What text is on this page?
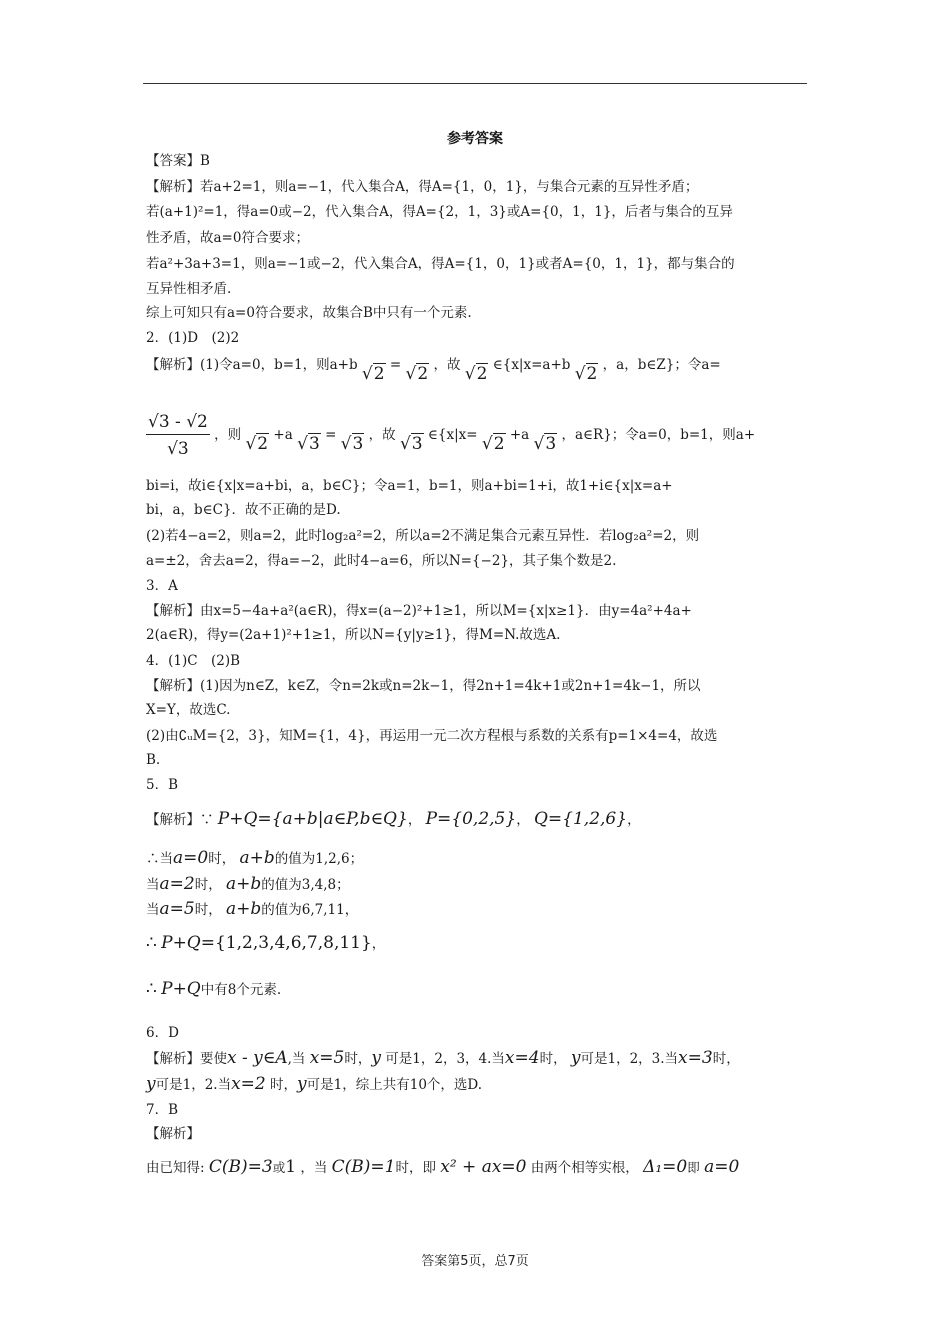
参考答案
【答案】B
【解析】若a+2=1，则a=−1，代入集合A，得A={1，0，1}，与集合元素的互异性矛盾；
若(a+1)²=1，得a=0或−2，代入集合A，得A={2，1，3}或A={0，1，1}，后者与集合的互异
性矛盾，故a=0符合要求；
若a²+3a+3=1，则a=−1或−2，代入集合A，得A={1，0，1}或者A={0，1，1}，都与集合的
互异性相矛盾.
综上可知只有a=0符合要求，故集合B中只有一个元素.
2．(1)D　(2)2
【解析】(1)令a=0，b=1，则a+b √2 = √2 ，故 √2 ∈{x|x=a+b √2 ，a，b∈Z}；令a=
$\frac{√3 - √2}{√3}$ ，则 √2 +a √3 = √3 ，故 √3 ∈{x|x= √2 +a √3 ，a∈R}；令a=0，b=1，则a+
bi=i，故i∈{x|x=a+bi，a，b∈C}；令a=1，b=1，则a+bi=1+i，故1+i∈{x|x=a+
bi，a，b∈C}．故不正确的是D.
(2)若4−a=2，则a=2，此时log₂a²=2，所以a=2不满足集合元素互异性．若log₂a²=2，则
a=±2，舍去a=2，得a=−2，此时4−a=6，所以N={−2}，其子集个数是2.
3．A
【解析】由x=5−4a+a²(a∈R)，得x=(a−2)²+1≥1，所以M={x|x≥1}．由y=4a²+4a+
2(a∈R)，得y=(2a+1)²+1≥1，所以N={y|y≥1}，得M=N.故选A.
4．(1)C　(2)B
【解析】(1)因为n∈Z，k∈Z，令n=2k或n=2k−1，得2n+1=4k+1或2n+1=4k−1，所以
X=Y，故选C.
(2)由∁ᵤM={2，3}，知M={1，4}，再运用一元二次方程根与系数的关系有p=1×4=4，故选
B.
5．B
【解析】∵ P+Q={a+b|a∈P,b∈Q}， P={0,2,5}， Q={1,2,6}，
∴当a=0时， a+b的值为1,2,6；
当a=2时， a+b的值为3,4,8；
当a=5时， a+b的值为6,7,11，
∴ P+Q={1,2,3,4,6,7,8,11}，
∴ P+Q中有8个元素.
6．D
【解析】要使x - y∈A,当 x=5时，y 可是1，2，3，4.当x=4时， y可是1，2，3.当x=3时，
y可是1，2.当x=2 时，y可是1，综上共有10个，选D.
7．B
【解析】
由已知得: C(B)=3或1 ，当 C(B)=1时，即 x² + ax=0 由两个相等实根， Δ₁=0即 a=0
答案第5页，总7页
